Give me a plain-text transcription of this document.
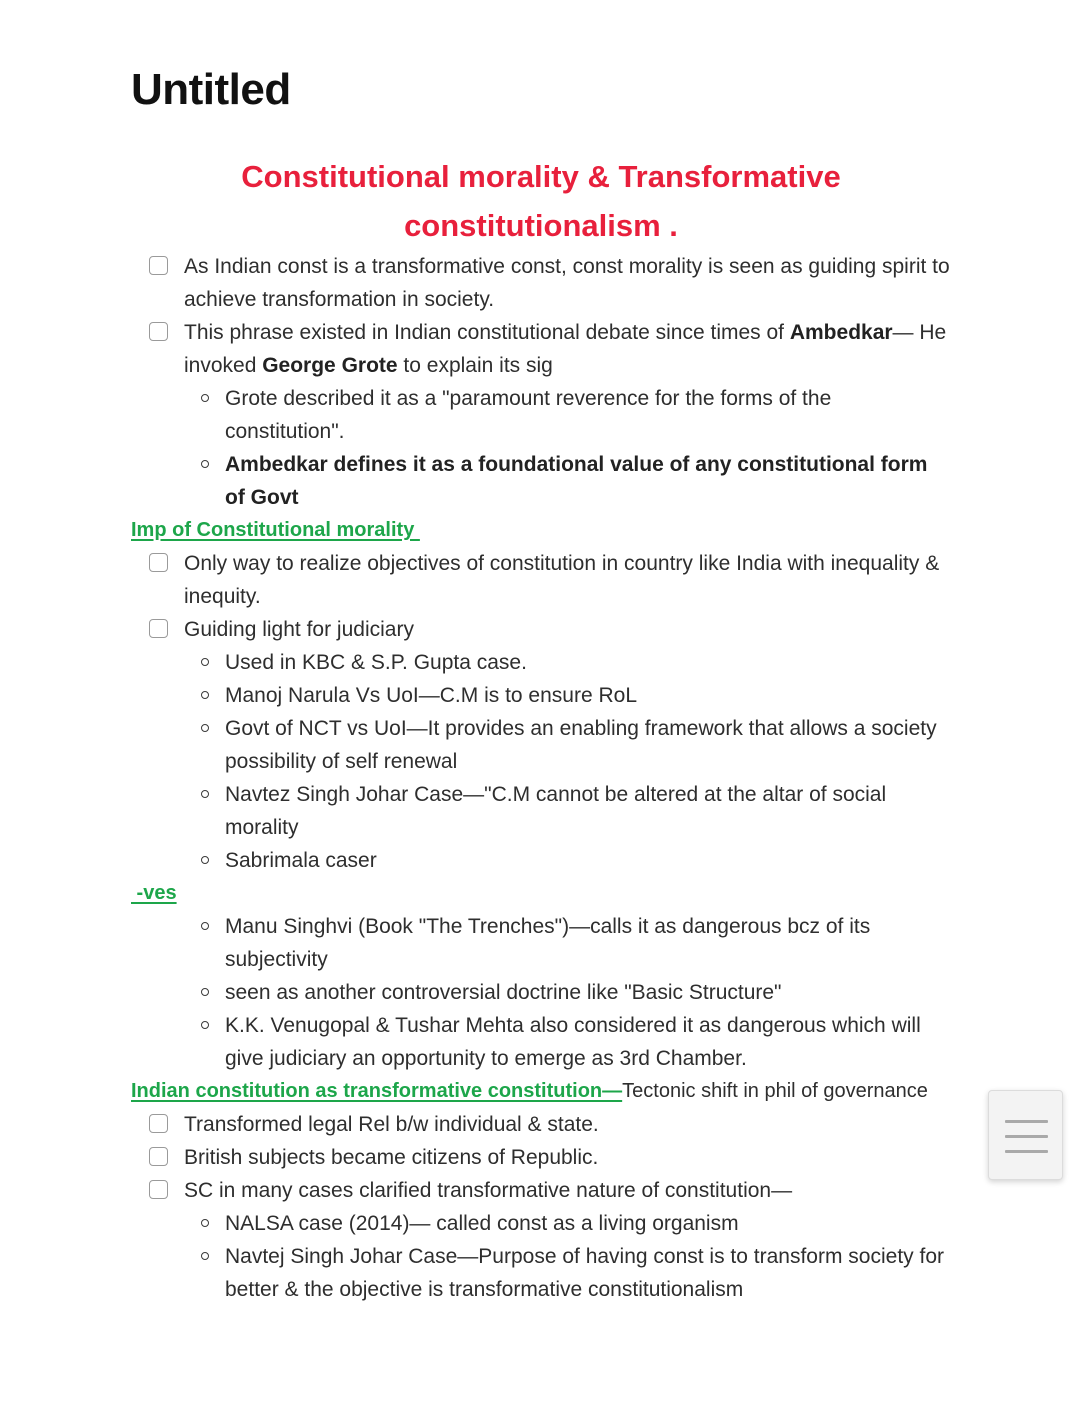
Untitled
Constitutional morality & Transformative constitutionalism .
As Indian const is a transformative const, const morality is seen as guiding spirit to achieve transformation in society.
This phrase existed in Indian constitutional debate since times of Ambedkar— He invoked George Grote to explain its sig
Grote described it as a "paramount reverence for the forms of the constitution".
Ambedkar defines it as a foundational value of any constitutional form of Govt
Imp of Constitutional morality
Only way to realize objectives of constitution in country like India with inequality & inequity.
Guiding light for judiciary
Used in KBC & S.P. Gupta case.
Manoj Narula Vs UoI—C.M is to ensure RoL
Govt of NCT vs UoI—It provides an enabling framework that allows a society possibility of self renewal
Navtez Singh Johar Case—"C.M cannot be altered at the altar of social morality
Sabrimala caser
-ves
Manu Singhvi (Book "The Trenches")—calls it as dangerous bcz of its subjectivity
seen as another controversial doctrine like "Basic Structure"
K.K. Venugopal & Tushar Mehta also considered it as dangerous which will give judiciary an opportunity to emerge as 3rd Chamber.
Indian constitution as transformative constitution—Tectonic shift in phil of governance
Transformed legal Rel b/w individual & state.
British subjects became citizens of Republic.
SC in many cases clarified transformative nature of constitution—
NALSA case (2014)— called const as a living organism
Navtej Singh Johar Case—Purpose of having const is to transform society for better & the objective is transformative constitutionalism
